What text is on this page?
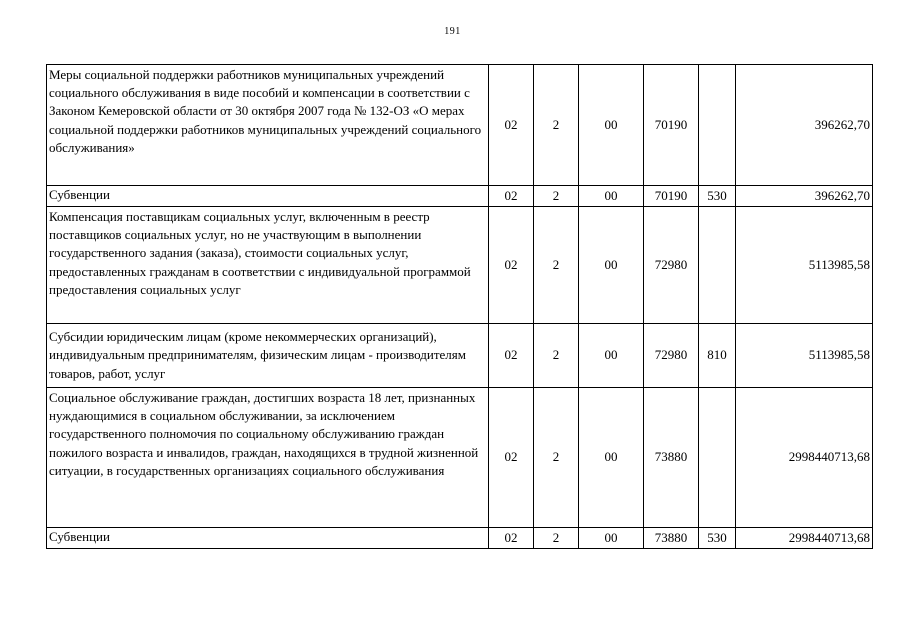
191
Меры социальной поддержки работников муниципальных учреждений социального обслуживания в виде пособий и компенсации в соответствии с Законом Кемеровской области от 30 октября 2007 года № 132-ОЗ «О мерах социальной поддержки работников муниципальных учреждений социального обслуживания»	02	2	00	70190		396262,70
Субвенции	02	2	00	70190	530	396262,70
Компенсация поставщикам социальных услуг, включенным в реестр поставщиков социальных услуг, но не участвующим в выполнении государственного задания (заказа), стоимости социальных услуг, предоставленных гражданам в соответствии с индивидуальной программой предоставления социальных услуг	02	2	00	72980		5113985,58
Субсидии юридическим лицам (кроме некоммерческих организаций), индивидуальным предпринимателям, физическим лицам - производителям товаров, работ, услуг	02	2	00	72980	810	5113985,58
Социальное обслуживание граждан, достигших возраста 18 лет, признанных нуждающимися в социальном обслуживании, за исключением государственного полномочия по социальному обслуживанию граждан пожилого возраста и инвалидов, граждан, находящихся в трудной жизненной ситуации, в государственных организациях социального обслуживания	02	2	00	73880		2998440713,68
Субвенции	02	2	00	73880	530	2998440713,68
